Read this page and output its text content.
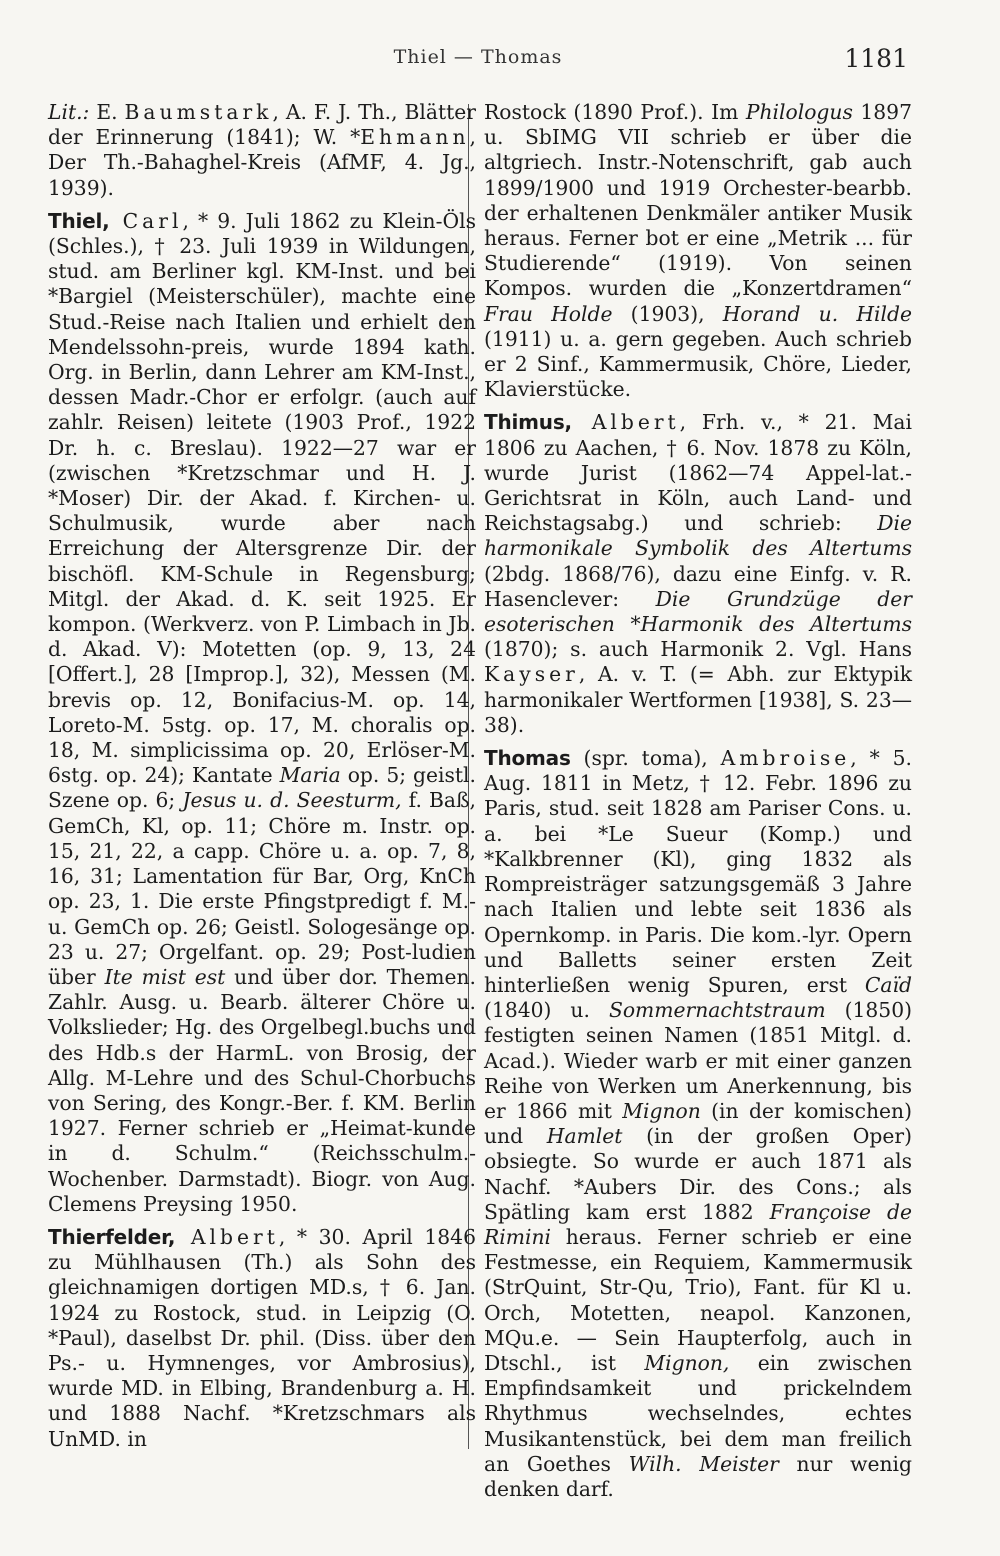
Thiel — Thomas	1181

Lit.: E. Baumstark, A. F. J. Th., Blätter der Erinnerung (1841); W. *Ehmann, Der Th.-Bahaghel-Kreis (AfMF, 4. Jg., 1939).

Thiel, Carl, * 9. Juli 1862 zu Klein-Öls (Schles.), † 23. Juli 1939 in Wildungen, stud. am Berliner kgl. KM-Inst. und bei *Bargiel (Meisterschüler), machte eine Stud.-Reise nach Italien und erhielt den Mendelssohn-preis, wurde 1894 kath. Org. in Berlin, dann Lehrer am KM-Inst., dessen Madr.-Chor er erfolgr. (auch auf zahlr. Reisen) leitete (1903 Prof., 1922 Dr. h. c. Breslau). 1922—27 war er (zwischen *Kretzschmar und H. J. *Moser) Dir. der Akad. f. Kirchen- u. Schulmusik, wurde aber nach Erreichung der Altersgrenze Dir. der bischöfl. KM-Schule in Regensburg; Mitgl. der Akad. d. K. seit 1925. Er kompon. (Werkverz. von P. Limbach in Jb. d. Akad. V): Motetten (op. 9, 13, 24 [Offert.], 28 [Improp.], 32), Messen (M. brevis op. 12, Bonifacius-M. op. 14, Loreto-M. 5stg. op. 17, M. choralis op. 18, M. simplicissima op. 20, Erlöser-M. 6stg. op. 24); Kantate Maria op. 5; geistl. Szene op. 6; Jesus u. d. Seesturm, f. Baß, GemCh, Kl, op. 11; Chöre m. Instr. op. 15, 21, 22, a capp. Chöre u. a. op. 7, 8, 16, 31; Lamentation für Bar, Org, KnCh op. 23, 1. Die erste Pfingstpredigt f. M.- u. GemCh op. 26; Geistl. Sologesänge op. 23 u. 27; Orgelfant. op. 29; Post-ludien über Ite mist est und über dor. Themen. Zahlr. Ausg. u. Bearb. älterer Chöre u. Volkslieder; Hg. des Orgelbegl.buchs und des Hdb.s der HarmL. von Brosig, der Allg. M-Lehre und des Schul-Chorbuchs von Sering, des Kongr.-Ber. f. KM. Berlin 1927. Ferner schrieb er „Heimat-kunde in d. Schulm.“ (Reichsschulm.-Wochenber. Darmstadt). Biogr. von Aug. Clemens Preysing 1950.

Thierfelder, Albert, * 30. April 1846 zu Mühlhausen (Th.) als Sohn des gleichnamigen dortigen MD.s, † 6. Jan. 1924 zu Rostock, stud. in Leipzig (O. *Paul), daselbst Dr. phil. (Diss. über den Ps.- u. Hymnenges, vor Ambrosius), wurde MD. in Elbing, Brandenburg a. H. und 1888 Nachf. *Kretzschmars als UnMD. in

Rostock (1890 Prof.). Im Philologus 1897 u. SbIMG VII schrieb er über die altgriech. Instr.-Notenschrift, gab auch 1899/1900 und 1919 Orchester-bearbb. der erhaltenen Denkmäler antiker Musik heraus. Ferner bot er eine „Metrik ... für Studierende“ (1919). Von seinen Kompos. wurden die „Konzertdramen“ Frau Holde (1903), Horand u. Hilde (1911) u. a. gern gegeben. Auch schrieb er 2 Sinf., Kammermusik, Chöre, Lieder, Klavierstücke.

Thimus, Albert, Frh. v., * 21. Mai 1806 zu Aachen, † 6. Nov. 1878 zu Köln, wurde Jurist (1862—74 Appel-lat.-Gerichtsrat in Köln, auch Land- und Reichstagsabg.) und schrieb: Die harmonikale Symbolik des Altertums (2bdg. 1868/76), dazu eine Einfg. v. R. Hasenclever: Die Grundzüge der esoterischen *Harmonik des Altertums (1870); s. auch Harmonik 2. Vgl. Hans Kayser, A. v. T. (= Abh. zur Ektypik harmonikaler Wertformen [1938], S. 23—38).

Thomas (spr. toma), Ambroise, * 5. Aug. 1811 in Metz, † 12. Febr. 1896 zu Paris, stud. seit 1828 am Pariser Cons. u. a. bei *Le Sueur (Komp.) und *Kalkbrenner (Kl), ging 1832 als Rompreisträger satzungsgemäß 3 Jahre nach Italien und lebte seit 1836 als Opernkomp. in Paris. Die kom.-lyr. Opern und Balletts seiner ersten Zeit hinterließen wenig Spuren, erst Caïd (1840) u. Sommernachtstraum (1850) festigten seinen Namen (1851 Mitgl. d. Acad.). Wieder warb er mit einer ganzen Reihe von Werken um Anerkennung, bis er 1866 mit Mignon (in der komischen) und Hamlet (in der großen Oper) obsiegte. So wurde er auch 1871 als Nachf. *Aubers Dir. des Cons.; als Spätling kam erst 1882 Françoise de Rimini heraus. Ferner schrieb er eine Festmesse, ein Requiem, Kammermusik (StrQuint, Str-Qu, Trio), Fant. für Kl u. Orch, Motetten, neapol. Kanzonen, MQu.e. — Sein Haupterfolg, auch in Dtschl., ist Mignon, ein zwischen Empfindsamkeit und prickelndem Rhythmus wechselndes, echtes Musikantenstück, bei dem man freilich an Goethes Wilh. Meister nur wenig denken darf.
